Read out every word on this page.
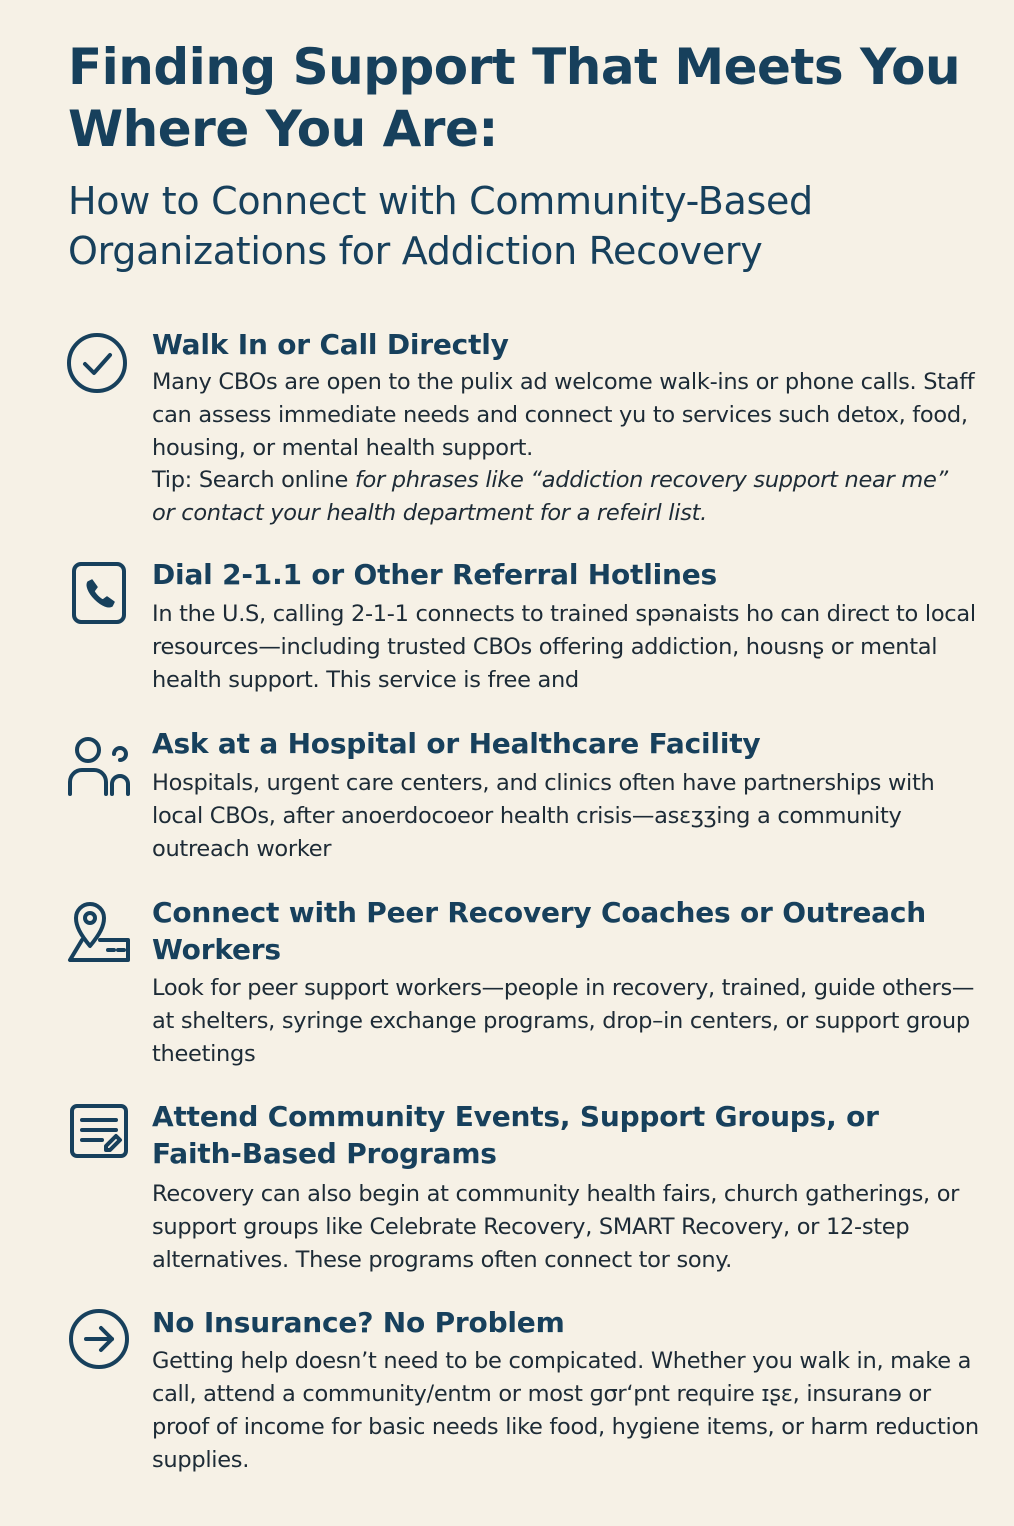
Finding Support That Meets You Where You Are:
How to Connect with Community-Based Organizations for Addiction Recovery
Walk In or Call Directly

Many CBOs are open to the pulix ad welcome walk-ins or phone calls. Staff can assess immediate needs and connect yu to services such detox, food, housing, or mental health support.

Tip: Search online for phrases like “addiction recovery support near me” or contact your health department for a refeirl list.

Dial 2-1.1 or Other Referral Hotlines

In the U.S, calling 2-1-1 connects to trained spənaists ho can direct to local resources—including trusted CBOs offering addiction, housnʂ or mental health support. This service is free and

Ask at a Hospital or Healthcare Facility

Hospitals, urgent care centers, and clinics often have partnerships with local CBOs, after anoerdocoeor health crisis—asɛʒʒing a community outreach worker

Connect with Peer Recovery Coaches or Outreach Workers

Look for peer support workers—people in recovery, trained, guide others—at shelters, syringe exchange programs, drop–in centers, or support group theetings

Attend Community Events, Support Groups, or Faith-Based Programs

Recovery can also begin at community health fairs, church gatherings, or support groups like Celebrate Recovery, SMART Recovery, or 12-step alternatives. These programs often connect tor sony.

No Insurance? No Problem

Getting help doesn’t need to be compicated. Whether you walk in, make a call, attend a community/entm or most ɡσrʻpnt require ɪʂɛ, insuranɘ or proof of income for basic needs like food, hygiene items, or harm reduction supplies.
